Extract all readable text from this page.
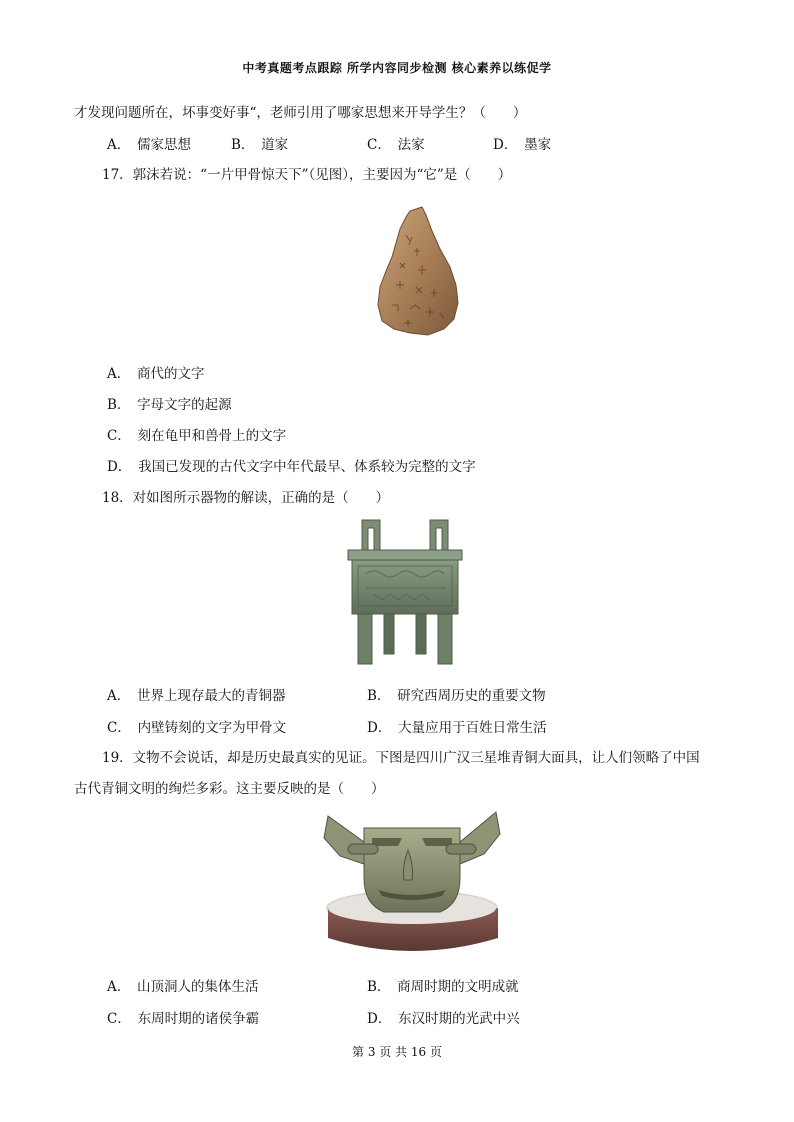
中考真题考点跟踪 所学内容同步检测 核心素养以练促学
才发现问题所在，坏事变好事“，老师引用了哪家思想来开导学生？（　　）
A．　儒家思想	B．　道家	C．　法家	D．　墨家
17．郭沫若说：“一片甲骨惊天下”（见图），主要因为“它”是（　　）
A．　商代的文字
B．　字母文字的起源
C．　刻在龟甲和兽骨上的文字
D．　我国已发现的古代文字中年代最早、体系较为完整的文字
18．对如图所示器物的解读，正确的是（　　）
A．　世界上现存最大的青铜器	B．　研究西周历史的重要文物
C．　内壁铸刻的文字为甲骨文	D．　大量应用于百姓日常生活
19．文物不会说话，却是历史最真实的见证。下图是四川广汉三星堆青铜大面具，让人们领略了中国
古代青铜文明的绚烂多彩。这主要反映的是（　　）
A．　山顶洞人的集体生活	B．　商周时期的文明成就
C．　东周时期的诸侯争霸	D．　东汉时期的光武中兴
第 3 页 共 16 页
